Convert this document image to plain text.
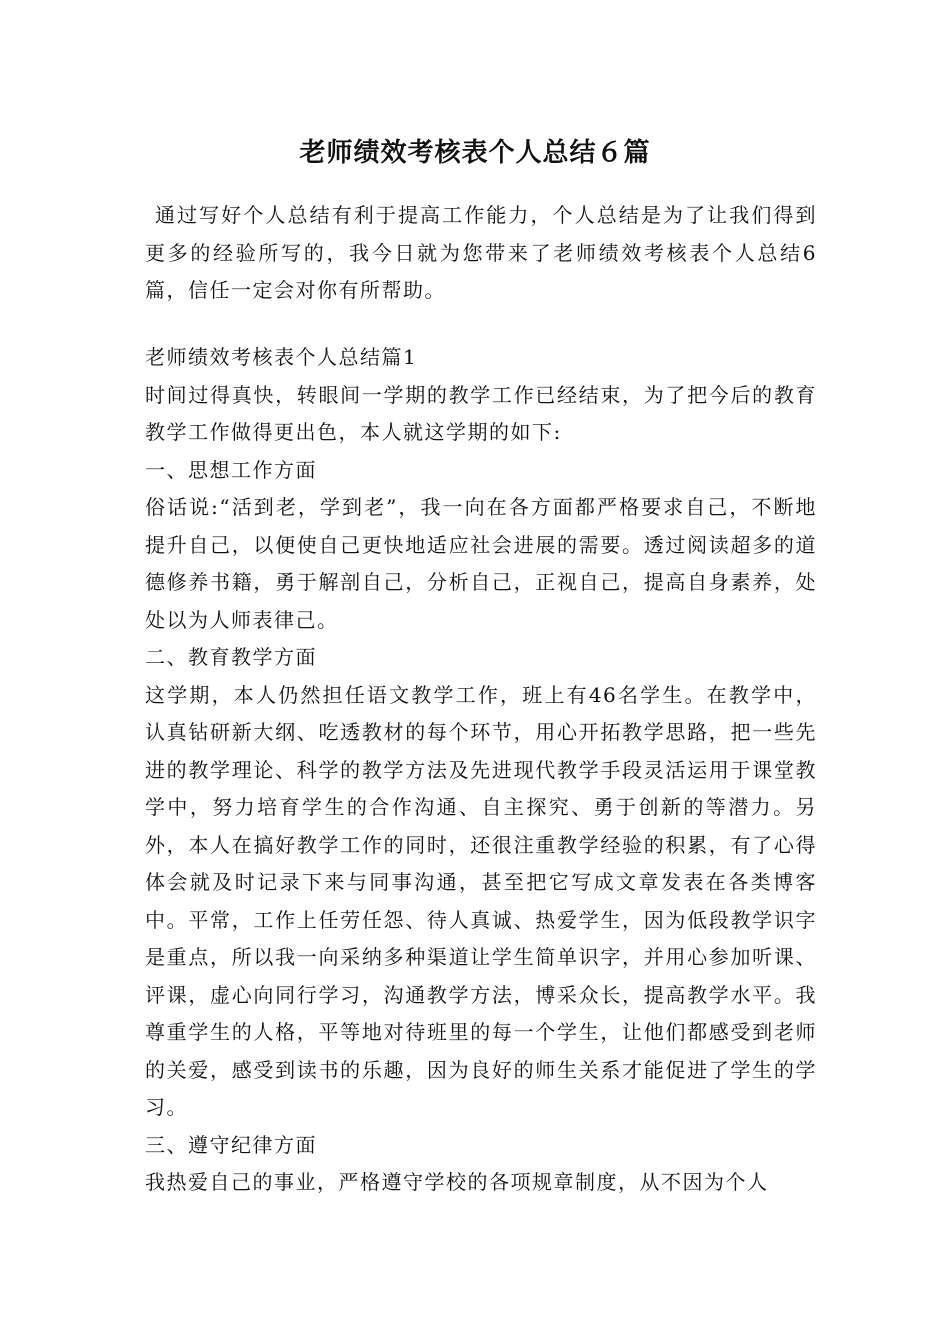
老师绩效考核表个人总结６篇

通过写好个人总结有利于提高工作能力，个人总结是为了让我们得到更多的经验所写的，我今日就为您带来了老师绩效考核表个人总结6篇，信任一定会对你有所帮助。

老师绩效考核表个人总结篇1

时间过得真快，转眼间一学期的教学工作已经结束，为了把今后的教育教学工作做得更出色，本人就这学期的如下:

一、思想工作方面

俗话说:“活到老，学到老”，我一向在各方面都严格要求自己，不断地提升自己，以便使自己更快地适应社会进展的需要。透过阅读超多的道德修养书籍，勇于解剖自己，分析自己，正视自己，提高自身素养，处处以为人师表律己。

二、教育教学方面

这学期，本人仍然担任语文教学工作，班上有46名学生。在教学中，认真钻研新大纲、吃透教材的每个环节，用心开拓教学思路，把一些先进的教学理论、科学的教学方法及先进现代教学手段灵活运用于课堂教学中，努力培育学生的合作沟通、自主探究、勇于创新的等潜力。另外，本人在搞好教学工作的同时，还很注重教学经验的积累，有了心得体会就及时记录下来与同事沟通，甚至把它写成文章发表在各类博客中。平常，工作上任劳任怨、待人真诚、热爱学生，因为低段教学识字是重点，所以我一向采纳多种渠道让学生简单识字，并用心参加听课、评课，虚心向同行学习，沟通教学方法，博采众长，提高教学水平。我尊重学生的人格，平等地对待班里的每一个学生，让他们都感受到老师的关爱，感受到读书的乐趣，因为良好的师生关系才能促进了学生的学习。

三、遵守纪律方面

我热爱自己的事业，严格遵守学校的各项规章制度，从不因为个人
